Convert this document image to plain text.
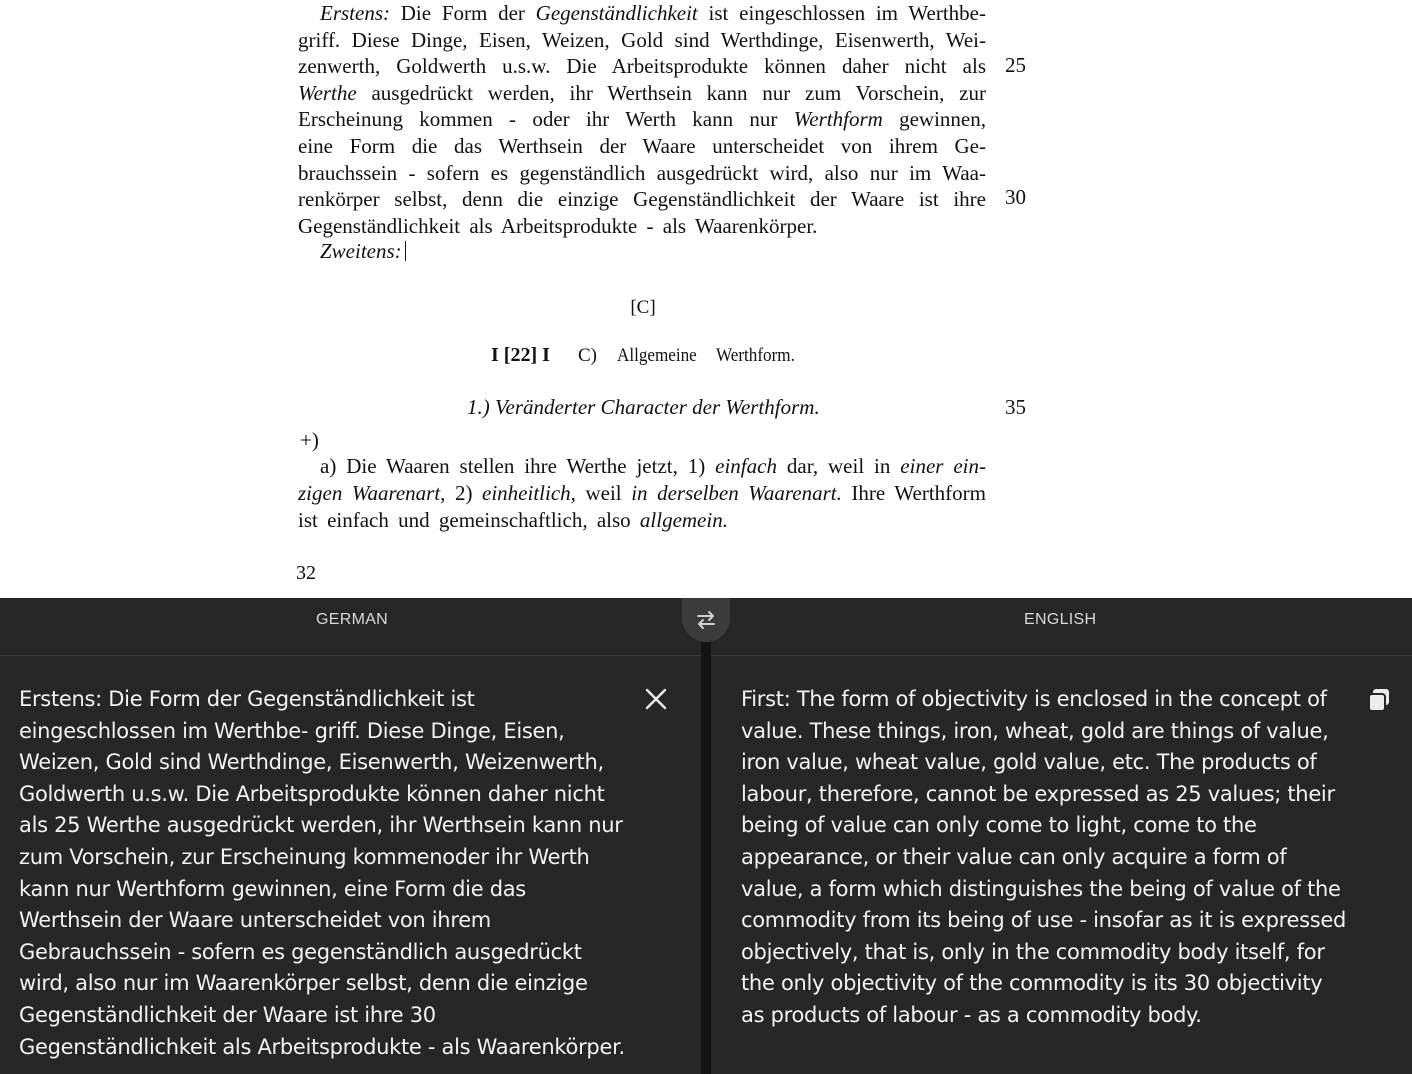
Erstens: Die Form der Gegenständlichkeit ist eingeschlossen im Werthbe-
griff. Diese Dinge, Eisen, Weizen, Gold sind Werthdinge, Eisenwerth, Wei-
zenwerth, Goldwerth u.s.w. Die Arbeitsprodukte können daher nicht als
Werthe ausgedrückt werden, ihr Werthsein kann nur zum Vorschein, zur
Erscheinung kommen - oder ihr Werth kann nur Werthform gewinnen,
eine Form die das Werthsein der Waare unterscheidet von ihrem Ge-
brauchssein - sofern es gegenständlich ausgedrückt wird, also nur im Waa-
renkörper selbst, denn die einzige Gegenständlichkeit der Waare ist ihre
Gegenständlichkeit als Arbeitsprodukte - als Waarenkörper.
Zweitens:
25
30
35
[C]
I [22] I C) Allgemeine Werthform.
1.) Veränderter Character der Werthform.
+)
a) Die Waaren stellen ihre Werthe jetzt, 1) einfach dar, weil in einer ein-
zigen Waarenart, 2) einheitlich, weil in derselben Waarenart. Ihre Werthform
ist einfach und gemeinschaftlich, also allgemein.
32
GERMAN	ENGLISH
Erstens: Die Form der Gegenständlichkeit ist eingeschlossen im Werthbe- griff. Diese Dinge, Eisen, Weizen, Gold sind Werthdinge, Eisenwerth, Weizenwerth, Goldwerth u.s.w. Die Arbeitsprodukte können daher nicht als 25 Werthe ausgedrückt werden, ihr Werthsein kann nur zum Vorschein, zur Erscheinung kommenoder ihr Werth kann nur Werthform gewinnen, eine Form die das Werthsein der Waare unterscheidet von ihrem Gebrauchssein - sofern es gegenständlich ausgedrückt wird, also nur im Waarenkörper selbst, denn die einzige Gegenständlichkeit der Waare ist ihre 30 Gegenständlichkeit als Arbeitsprodukte - als Waarenkörper.
First: The form of objectivity is enclosed in the concept of value. These things, iron, wheat, gold are things of value, iron value, wheat value, gold value, etc. The products of labour, therefore, cannot be expressed as 25 values; their being of value can only come to light, come to the appearance, or their value can only acquire a form of value, a form which distinguishes the being of value of the commodity from its being of use - insofar as it is expressed objectively, that is, only in the commodity body itself, for the only objectivity of the commodity is its 30 objectivity as products of labour - as a commodity body.
